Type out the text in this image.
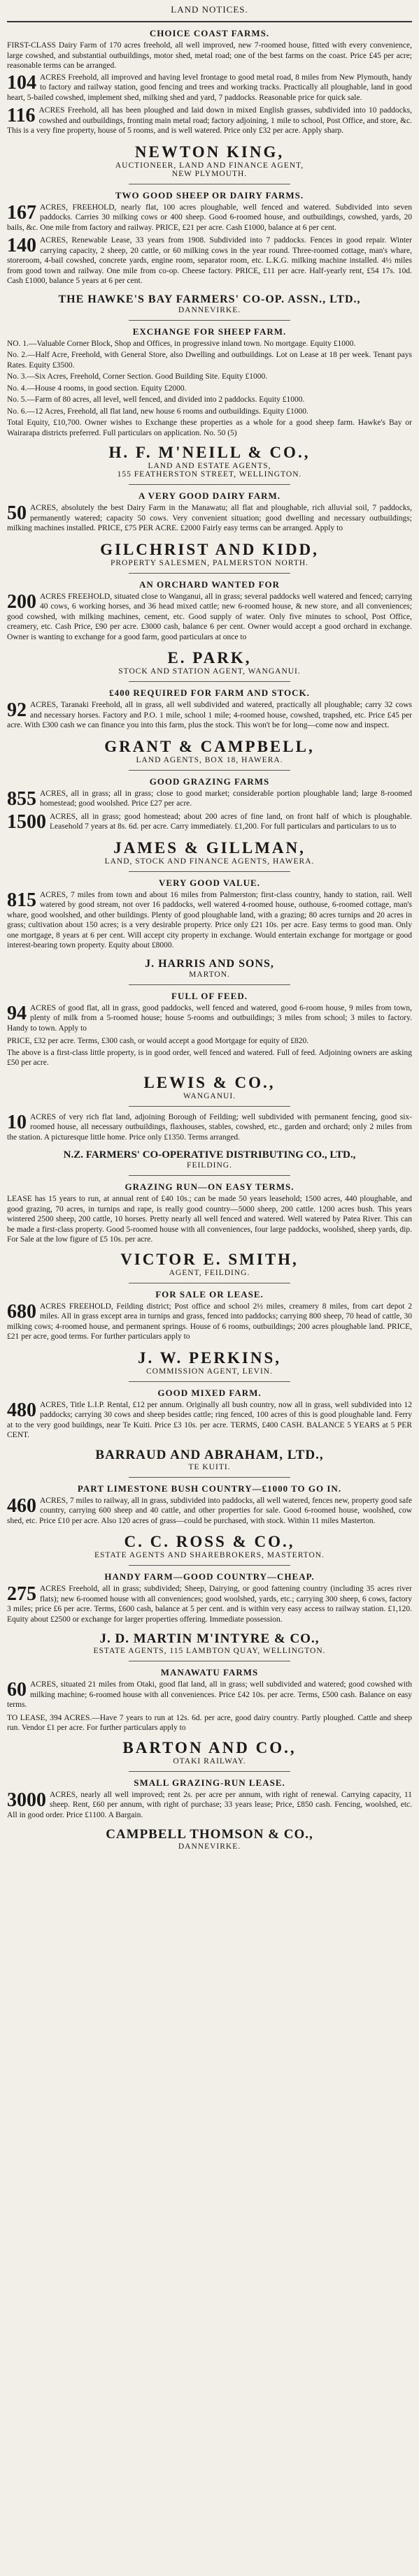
LAND NOTICES.
CHOICE COAST FARMS.

FIRST-CLASS Dairy Farm of 170 acres freehold, all well improved, new 7-roomed house, fitted with every convenience, large cowshed, and substantial outbuildings, motor shed, metal road; one of the best farms on the coast. Price £45 per acre; reasonable terms can be arranged.

104 ACRES Freehold, all improved and having level frontage to good metal road, 8 miles from New Plymouth, handy to factory and railway station, good fencing and trees and working tracks. Practically all ploughable, land in good heart, 5-bailed cowshed, implement shed, milking shed and yard, 7 paddocks. Reasonable price for quick sale.

116 ACRES Freehold, all has been ploughed and laid down in mixed English grasses, subdivided into 10 paddocks, cowshed and outbuildings, fronting main metal road; factory adjoining, 1 mile to school, Post Office, and store, &c. This is a very fine property, house of 5 rooms, and is well watered. Price only £32 per acre. Apply sharp.

NEWTON KING,
AUCTIONEER, LAND AND FINANCE AGENT,
NEW PLYMOUTH.
TWO GOOD SHEEP OR DAIRY FARMS.
167 ACRES, FREEHOLD, nearly flat, 100 acres ploughable, well fenced and watered. Subdivided into seven paddocks. Carries 30 milking cows or 400 sheep. Good 6-roomed house, and outbuildings, cowshed, yards, 20 bails, &c. One mile from factory and railway. PRICE, £21 per acre. Cash £1000, balance at 6 per cent.

140 ACRES, Renewable Lease, 33 years from 1908. Subdivided into 7 paddocks. Fences in good repair. Winter carrying capacity, 2 sheep, 20 cattle, or 60 milking cows in the year round. Three-roomed cottage, man's whare, storeroom, 4-bail cowshed, concrete yards, engine room, separator room, etc. L.K.G. milking machine installed. 4½ miles from good town and railway. One mile from co-op. Cheese factory. PRICE, £11 per acre. Half-yearly rent, £54 17s. 10d. Cash £1000, balance 5 years at 6 per cent.

THE HAWKE'S BAY FARMERS' CO-OP. ASSN., LTD.,
DANNEVIRKE.
EXCHANGE FOR SHEEP FARM.

NO. 1.—Valuable Corner Block, Shop and Offices, in progressive inland town. No mortgage. Equity £1000.

No. 2.—Half Acre, Freehold, with General Store, also Dwelling and outbuildings. Lot on Lease at 18 per week. Tenant pays Rates. Equity £3500.

No. 3.—Six Acres, Freehold, Corner Section. Good Building Site. Equity £1000.

No. 4.—House 4 rooms, in good section. Equity £2000.

No. 5.—Farm of 80 acres, all level, well fenced, and divided into 2 paddocks. Equity £1000.

No. 6.—12 Acres, Freehold, all flat land, new house 6 rooms and outbuildings. Equity £1000.

Total Equity, £10,700. Owner wishes to Exchange these properties as a whole for a good sheep farm. Hawke's Bay or Wairarapa districts preferred. Full particulars on application. No. 50 (5)

H. F. M'NEILL & CO.,
LAND AND ESTATE AGENTS,
155 FEATHERSTON STREET, WELLINGTON.
A VERY GOOD DAIRY FARM.
50 ACRES, absolutely the best Dairy Farm in the Manawatu; all flat and ploughable, rich alluvial soil, 7 paddocks, permanently watered; capacity 50 cows. Very convenient situation; good dwelling and necessary outbuildings; milking machines installed. PRICE, £75 PER ACRE. £2000 Fairly easy terms can be arranged. Apply to

GILCHRIST AND KIDD,
PROPERTY SALESMEN, PALMERSTON NORTH.
AN ORCHARD WANTED FOR
200 ACRES FREEHOLD, situated close to Wanganui, all in grass; several paddocks well watered and fenced; carrying 40 cows, 6 working horses, and 36 head mixed cattle; new 6-roomed house, & new store, and all conveniences; good cowshed, with milking machines, cement, etc. Good supply of water. Only five minutes to school, Post Office, creamery, etc. Cash Price, £90 per acre. £3000 cash, balance 6 per cent. Owner would accept a good orchard in exchange. Owner is wanting to exchange for a good farm, good particulars at once to

E. PARK,
STOCK AND STATION AGENT, WANGANUI.
£400 REQUIRED FOR FARM AND STOCK.
92 ACRES, Taranaki Freehold, all in grass, all well subdivided and watered, practically all ploughable; carry 32 cows and necessary horses. Factory and P.O. 1 mile, school 1 mile; 4-roomed house, cowshed, trapshed, etc. Price £45 per acre. With £300 cash we can finance you into this farm, plus the stock. This won't be for long—come now and inspect.

GRANT & CAMPBELL,
LAND AGENTS, BOX 18, HAWERA.
GOOD GRAZING FARMS
855 ACRES, all in grass; all in grass; close to good market; considerable portion ploughable land; large 8-roomed homestead; good woolshed. Price £27 per acre.

1500 ACRES, all in grass; good homestead; about 200 acres of fine land, on front half of which is ploughable. Leasehold 7 years at 8s. 6d. per acre. Carry immediately. £1,200. For full particulars and particulars to us to

JAMES & GILLMAN,
LAND, STOCK AND FINANCE AGENTS, HAWERA.
VERY GOOD VALUE.
815 ACRES, 7 miles from town and about 16 miles from Palmerston; first-class country, handy to station, rail. Well watered by good stream, not over 16 paddocks, well watered 4-roomed house, outhouse, 6-roomed cottage, man's whare, good woolshed, and other buildings. Plenty of good ploughable land, with a grazing; 80 acres turnips and 20 acres in grass; cultivation about 150 acres; is a very desirable property. Price only £21 10s. per acre. Easy terms to good man. Only one mortgage, 8 years at 6 per cent. Will accept city property in exchange. Would entertain exchange for mortgage or good interest-bearing town property. Equity about £8000.

J. HARRIS AND SONS,
MARTON.
FULL OF FEED.
94 ACRES of good flat, all in grass, good paddocks, well fenced and watered, good 6-room house, 9 miles from town, plenty of milk from a 5-roomed house; house 5-rooms and outbuildings; 3 miles from school; 3 miles to factory. Handy to town. Apply to

PRICE, £32 per acre. Terms, £300 cash, or would accept a good Mortgage for equity of £820.

The above is a first-class little property, is in good order, well fenced and watered. Full of feed. Adjoining owners are asking £50 per acre.

LEWIS & CO.,
WANGANUI.
10 ACRES of very rich flat land, adjoining Borough of Feilding; well subdivided with permanent fencing, good six-roomed house, all necessary outbuildings, flaxhouses, stables, cowshed, etc., garden and orchard; only 2 miles from the station. A picturesque little home. Price only £1350. Terms arranged.

N.Z. FARMERS' CO-OPERATIVE DISTRIBUTING CO., LTD.,
FEILDING.
GRAZING RUN—ON EASY TERMS.

LEASE has 15 years to run, at annual rent of £40 10s.; can be made 50 years leasehold; 1500 acres, 440 ploughable, and good grazing, 70 acres, in turnips and rape, is really good country—5000 sheep, 200 cattle. 1200 acres bush. This years wintered 2500 sheep, 200 cattle, 10 horses. Pretty nearly all well fenced and watered. Well watered by Patea River. This can be made a first-class property. Good 5-roomed house with all conveniences, four large paddocks, woolshed, sheep yards, dip. For Sale at the low figure of £5 10s. per acre.

VICTOR E. SMITH,
AGENT, FEILDING.
FOR SALE OR LEASE.
680 ACRES FREEHOLD, Feilding district; Post office and school 2½ miles, creamery 8 miles, from cart depot 2 miles. All in grass except area in turnips and grass, fenced into paddocks; carrying 800 sheep, 70 head of cattle, 30 milking cows; 4-roomed house, and permanent springs. House of 6 rooms, outbuildings; 200 acres ploughable land. PRICE, £21 per acre, good terms. For further particulars apply to

J. W. PERKINS,
COMMISSION AGENT, LEVIN.
GOOD MIXED FARM.
480 ACRES, Title L.I.P. Rental, £12 per annum. Originally all bush country, now all in grass, well subdivided into 12 paddocks; carrying 30 cows and sheep besides cattle; ring fenced, 100 acres of this is good ploughable land. Ferry at to the very good buildings, near Te Kuiti. Price £3 10s. per acre. TERMS, £400 CASH. BALANCE 5 YEARS at 5 PER CENT.

BARRAUD AND ABRAHAM, LTD.,
TE KUITI.
PART LIMESTONE BUSH COUNTRY—£1000 TO GO IN.
460 ACRES, 7 miles to railway, all in grass, subdivided into paddocks, all well watered, fences new, property good safe country, carrying 600 sheep and 40 cattle, and other properties for sale. Good 6-roomed house, woolshed, cow shed, etc. Price £10 per acre. Also 120 acres of grass—could be purchased, with stock. Within 11 miles Masterton.

C. C. ROSS & CO.,
ESTATE AGENTS AND SHAREBROKERS, MASTERTON.
HANDY FARM—GOOD COUNTRY—CHEAP.
275 ACRES Freehold, all in grass; subdivided; Sheep, Dairying, or good fattening country (including 35 acres river flats); new 6-roomed house with all conveniences; good woolshed, yards, etc.; carrying 300 sheep, 6 cows, factory 3 miles; price £6 per acre. Terms, £600 cash, balance at 5 per cent. and is within very easy access to railway station. £1,120. Equity about £2500 or exchange for larger properties offering. Immediate possession.

J. D. MARTIN M'INTYRE & CO.,
ESTATE AGENTS, 115 LAMBTON QUAY, WELLINGTON.
MANAWATU FARMS
60 ACRES, situated 21 miles from Otaki, good flat land, all in grass; well subdivided and watered; good cowshed with milking machine; 6-roomed house with all conveniences. Price £42 10s. per acre. Terms, £500 cash. Balance on easy terms.

TO LEASE, 394 ACRES.—Have 7 years to run at 12s. 6d. per acre, good dairy country. Partly ploughed. Cattle and sheep run. Vendor £1 per acre. For further particulars apply to

BARTON AND CO.,
OTAKI RAILWAY.
SMALL GRAZING-RUN LEASE.
3000 ACRES, nearly all well improved; rent 2s. per acre per annum, with right of renewal. Carrying capacity, 11 sheep. Rent, £60 per annum, with right of purchase; 33 years lease; Price, £850 cash. Fencing, woolshed, etc. All in good order. Price £1100. A Bargain.

CAMPBELL THOMSON & CO.,
DANNEVIRKE.
